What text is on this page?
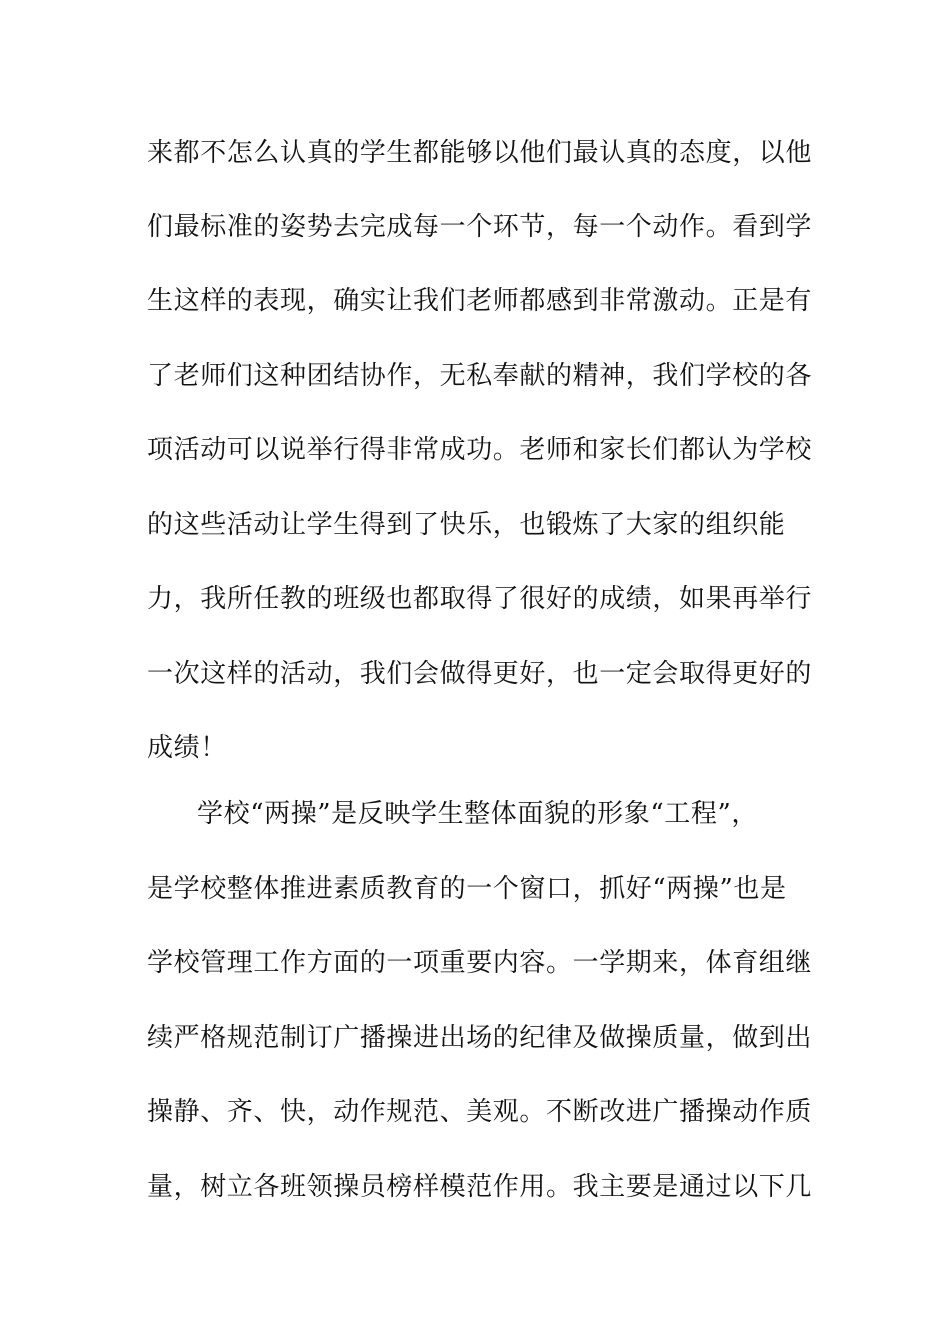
来都不怎么认真的学生都能够以他们最认真的态度，以他
们最标准的姿势去完成每一个环节，每一个动作。看到学
生这样的表现，确实让我们老师都感到非常激动。正是有
了老师们这种团结协作，无私奉献的精神，我们学校的各
项活动可以说举行得非常成功。老师和家长们都认为学校
的这些活动让学生得到了快乐，也锻炼了大家的组织能
力，我所任教的班级也都取得了很好的成绩，如果再举行
一次这样的活动，我们会做得更好，也一定会取得更好的
成绩！
学校“两操”是反映学生整体面貌的形象“工程”，
是学校整体推进素质教育的一个窗口，抓好“两操”也是
学校管理工作方面的一项重要内容。一学期来，体育组继
续严格规范制订广播操进出场的纪律及做操质量，做到出
操静、齐、快，动作规范、美观。不断改进广播操动作质
量，树立各班领操员榜样模范作用。我主要是通过以下几
